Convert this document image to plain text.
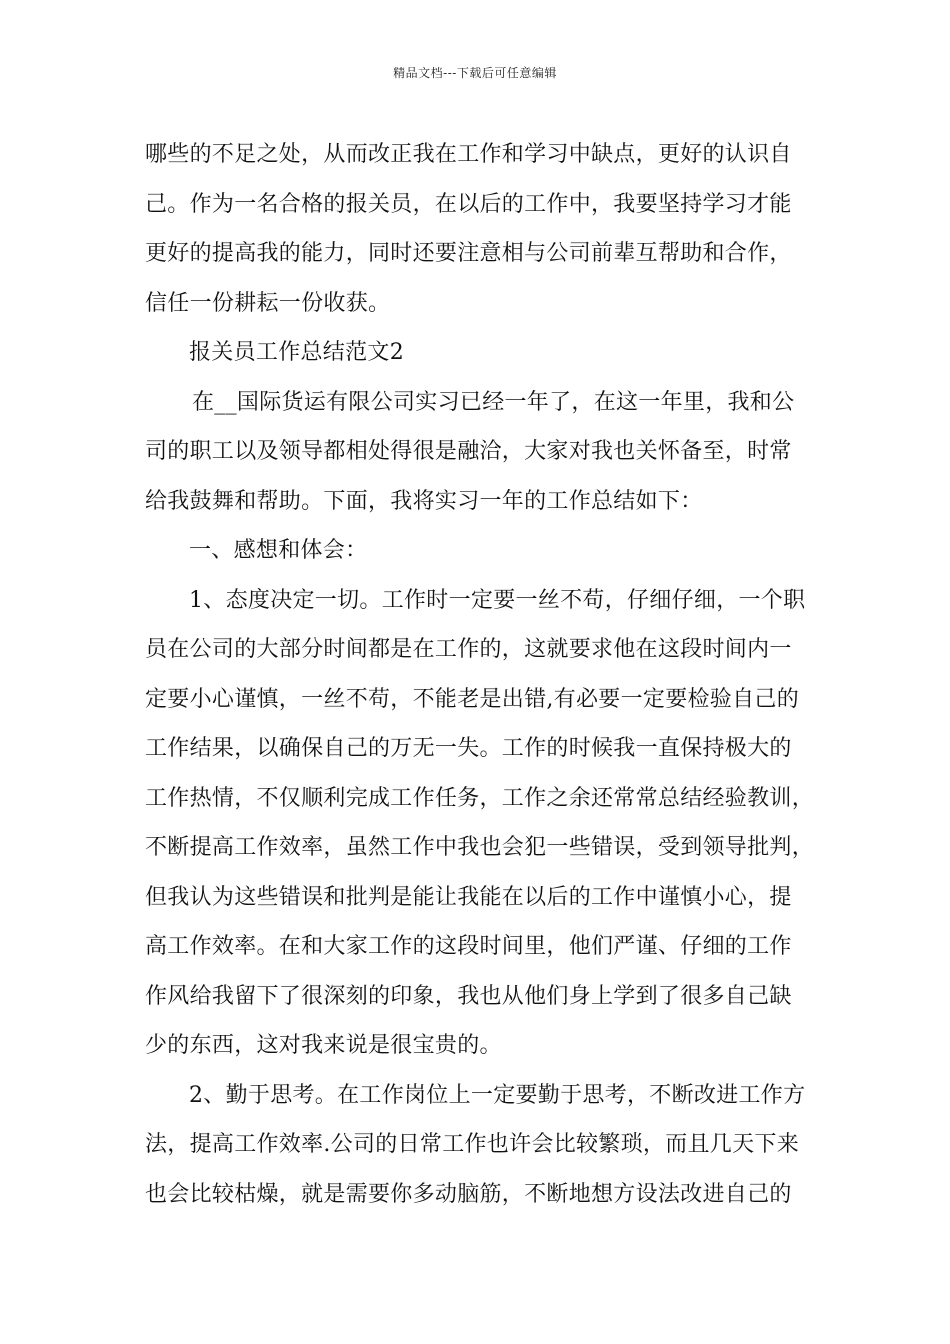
精品文档---下载后可任意编辑
哪些的不足之处，从而改正我在工作和学习中缺点，更好的认识自
己。作为一名合格的报关员，在以后的工作中，我要坚持学习才能
更好的提高我的能力，同时还要注意相与公司前辈互帮助和合作，
信任一份耕耘一份收获。
报关员工作总结范文2
在__国际货运有限公司实习已经一年了，在这一年里，我和公
司的职工以及领导都相处得很是融洽，大家对我也关怀备至，时常
给我鼓舞和帮助。下面，我将实习一年的工作总结如下：
一、感想和体会：
1、态度决定一切。工作时一定要一丝不苟，仔细仔细，一个职
员在公司的大部分时间都是在工作的，这就要求他在这段时间内一
定要小心谨慎，一丝不苟，不能老是出错,有必要一定要检验自己的
工作结果，以确保自己的万无一失。工作的时候我一直保持极大的
工作热情，不仅顺利完成工作任务，工作之余还常常总结经验教训，
不断提高工作效率，虽然工作中我也会犯一些错误，受到领导批判，
但我认为这些错误和批判是能让我能在以后的工作中谨慎小心，提
高工作效率。在和大家工作的这段时间里，他们严谨、仔细的工作
作风给我留下了很深刻的印象，我也从他们身上学到了很多自己缺
少的东西，这对我来说是很宝贵的。
2、勤于思考。在工作岗位上一定要勤于思考，不断改进工作方
法，提高工作效率.公司的日常工作也许会比较繁琐，而且几天下来
也会比较枯燥，就是需要你多动脑筋，不断地想方设法改进自己的
